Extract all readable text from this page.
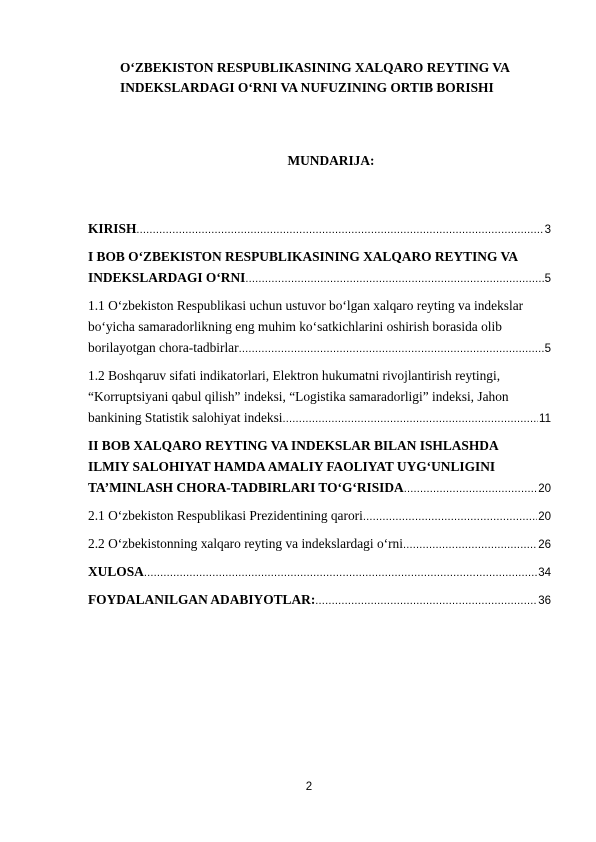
O‘ZBEKISTON RESPUBLIKASINING XALQARO REYTING VA
INDEKSLARDAGI O‘RNI VA NUFUZINING ORTIB BORISHI
MUNDARIJA:
KIRISH .....	3
I BOB O‘ZBEKISTON RESPUBLIKASINING XALQARO REYTING VA
INDEKSLARDAGI O‘RNI .....	5
1.1 O‘zbekiston Respublikasi uchun ustuvor bo‘lgan xalqaro reyting va indekslar
bo‘yicha samaradorlikning eng muhim ko‘satkichlarini oshirish borasida olib
borilayotgan chora-tadbirlar .....	5
1.2 Boshqaruv sifati indikatorlari, Elektron hukumatni rivojlantirish reytingi,
“Korruptsiyani qabul qilish” indeksi, “Logistika samaradorligi” indeksi, Jahon
bankining Statistik salohiyat indeksi .....	11
II BOB XALQARO REYTING VA INDEKSLAR BILAN ISHLASHDA
ILMIY SALOHIYAT HAMDA AMALIY FAOLIYAT UYG‘UNLIGINI
TA’MINLASH CHORA-TADBIRLARI TO‘G‘RISIDA .....	20
2.1 O‘zbekiston Respublikasi Prezidentining qarori .....	20
2.2 O‘zbekistonning xalqaro reyting va indekslardagi o‘rni .....	26
XULOSA .....	34
FOYDALANILGAN ADABIYOTLAR: .....	36
2
